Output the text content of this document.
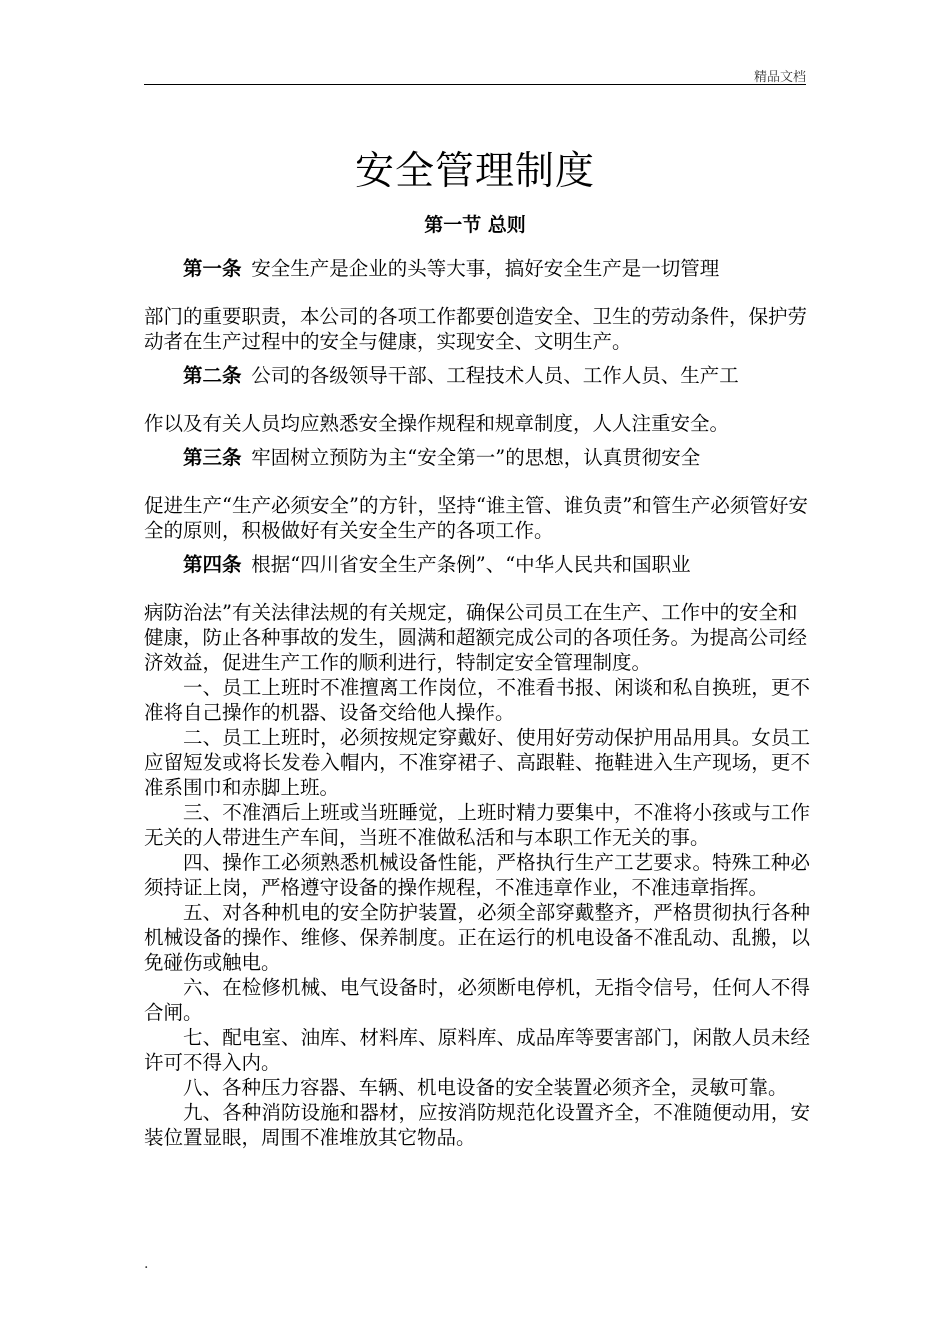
精品文档
安全管理制度
第一节 总则
第一条 安全生产是企业的头等大事，搞好安全生产是一切管理
部门的重要职责，本公司的各项工作都要创造安全、卫生的劳动条件，保护劳动者在生产过程中的安全与健康，实现安全、文明生产。
第二条 公司的各级领导干部、工程技术人员、工作人员、生产工
作以及有关人员均应熟悉安全操作规程和规章制度，人人注重安全。
第三条 牢固树立预防为主“安全第一”的思想，认真贯彻安全
促进生产“生产必须安全”的方针，坚持“谁主管、谁负责”和管生产必须管好安全的原则，积极做好有关安全生产的各项工作。
第四条 根据“四川省安全生产条例”、“中华人民共和国职业
病防治法”有关法律法规的有关规定，确保公司员工在生产、工作中的安全和健康，防止各种事故的发生，圆满和超额完成公司的各项任务。为提高公司经济效益，促进生产工作的顺利进行，特制定安全管理制度。

一、员工上班时不准擅离工作岗位，不准看书报、闲谈和私自换班，更不准将自己操作的机器、设备交给他人操作。

二、员工上班时，必须按规定穿戴好、使用好劳动保护用品用具。女员工应留短发或将长发卷入帽内，不准穿裙子、高跟鞋、拖鞋进入生产现场，更不准系围巾和赤脚上班。

三、不准酒后上班或当班睡觉，上班时精力要集中，不准将小孩或与工作无关的人带进生产车间，当班不准做私活和与本职工作无关的事。

四、操作工必须熟悉机械设备性能，严格执行生产工艺要求。特殊工种必须持证上岗，严格遵守设备的操作规程，不准违章作业，不准违章指挥。

五、对各种机电的安全防护装置，必须全部穿戴整齐，严格贯彻执行各种机械设备的操作、维修、保养制度。正在运行的机电设备不准乱动、乱搬，以免碰伤或触电。

六、在检修机械、电气设备时，必须断电停机，无指令信号，任何人不得合闸。

七、配电室、油库、材料库、原料库、成品库等要害部门，闲散人员未经许可不得入内。

八、各种压力容器、车辆、机电设备的安全装置必须齐全，灵敏可靠。

九、各种消防设施和器材，应按消防规范化设置齐全，不准随便动用，安装位置显眼，周围不准堆放其它物品。

.
